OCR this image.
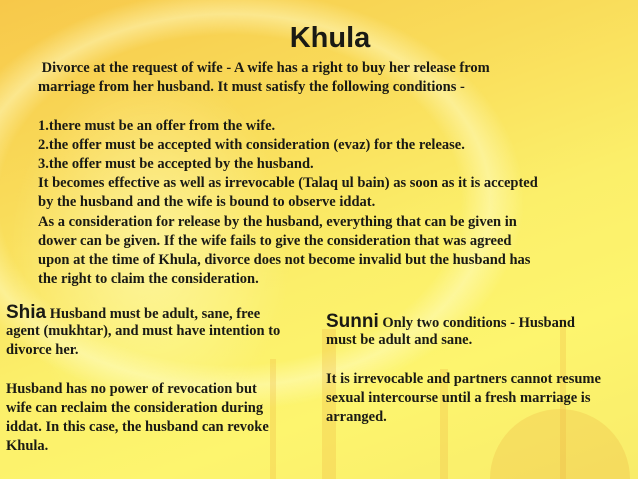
Khula
Divorce at the request of wife - A wife has a right to buy her release from
marriage from her husband. It must satisfy the following conditions -
1.there must be an offer from the wife.
2.the offer must be accepted with consideration (evaz) for the release.
3.the offer must be accepted by the husband.
It becomes effective as well as irrevocable (Talaq ul bain) as soon as it is accepted
by the husband and the wife is bound to observe iddat.
As a consideration for release by the husband, everything that can be given in
dower can be given. If the wife fails to give the consideration that was agreed
upon at the time of Khula, divorce does not become invalid but the husband has
the right to claim the consideration.
Shia Husband must be adult, sane, free
agent (mukhtar), and must have intention to
divorce her.
Husband has no power of revocation but
wife can reclaim the consideration during
iddat. In this case, the husband can revoke
Khula.
Sunni Only two conditions - Husband
must be adult and sane.
It is irrevocable and partners cannot resume
sexual intercourse until a fresh marriage is
arranged.
